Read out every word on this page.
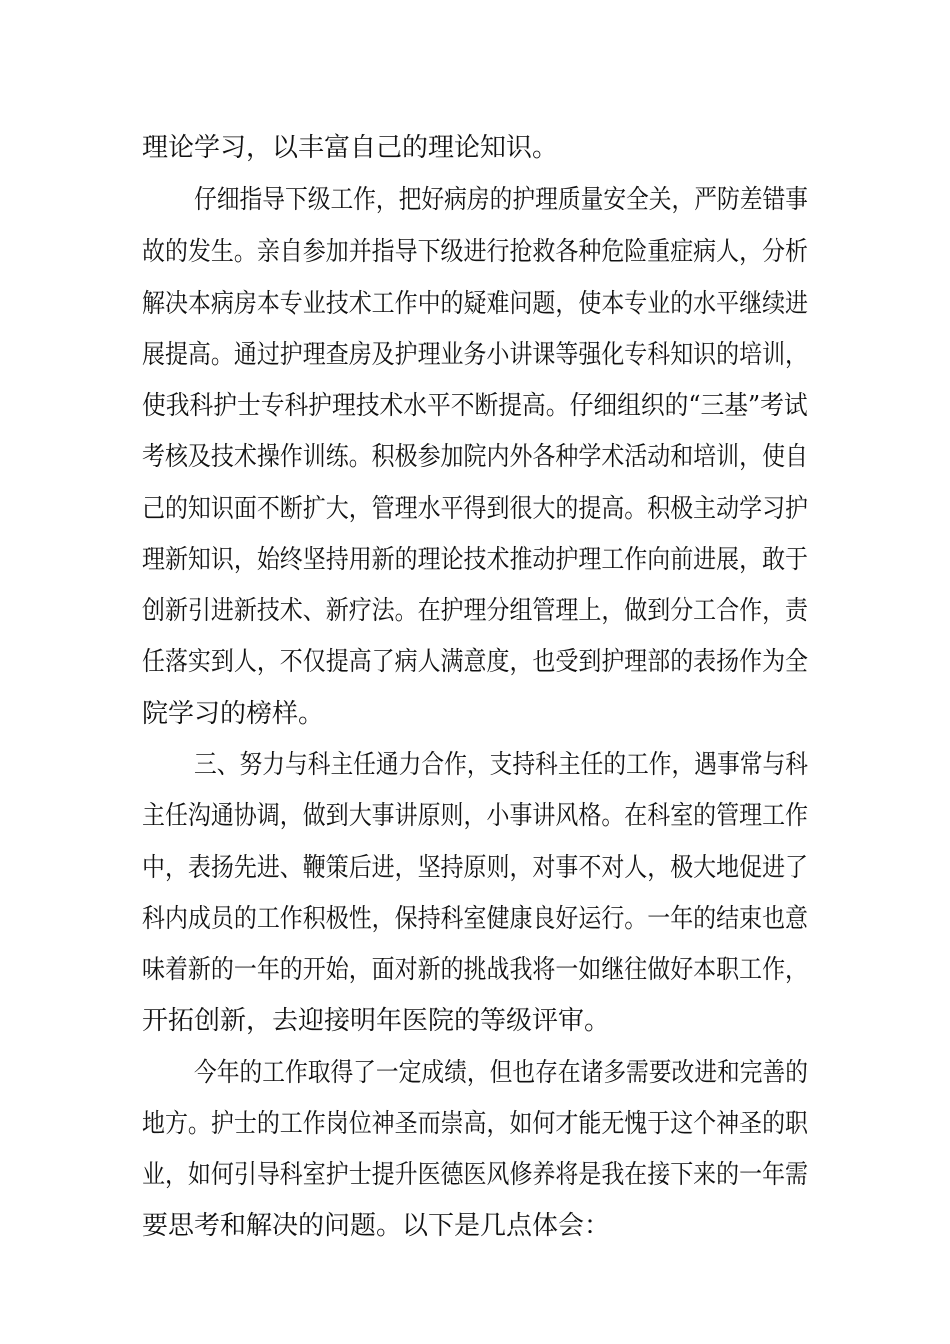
理论学习，以丰富自己的理论知识。
仔细指导下级工作，把好病房的护理质量安全关，严防差错事
故的发生。亲自参加并指导下级进行抢救各种危险重症病人，分析
解决本病房本专业技术工作中的疑难问题，使本专业的水平继续进
展提高。通过护理查房及护理业务小讲课等强化专科知识的培训，
使我科护士专科护理技术水平不断提高。仔细组织的“三基”考试
考核及技术操作训练。积极参加院内外各种学术活动和培训，使自
己的知识面不断扩大，管理水平得到很大的提高。积极主动学习护
理新知识，始终坚持用新的理论技术推动护理工作向前进展，敢于
创新引进新技术、新疗法。在护理分组管理上，做到分工合作，责
任落实到人，不仅提高了病人满意度，也受到护理部的表扬作为全
院学习的榜样。
三、努力与科主任通力合作，支持科主任的工作，遇事常与科
主任沟通协调，做到大事讲原则，小事讲风格。在科室的管理工作
中，表扬先进、鞭策后进，坚持原则，对事不对人，极大地促进了
科内成员的工作积极性，保持科室健康良好运行。一年的结束也意
味着新的一年的开始，面对新的挑战我将一如继往做好本职工作，
开拓创新，去迎接明年医院的等级评审。
今年的工作取得了一定成绩，但也存在诸多需要改进和完善的
地方。护士的工作岗位神圣而崇高，如何才能无愧于这个神圣的职
业，如何引导科室护士提升医德医风修养将是我在接下来的一年需
要思考和解决的问题。以下是几点体会：
